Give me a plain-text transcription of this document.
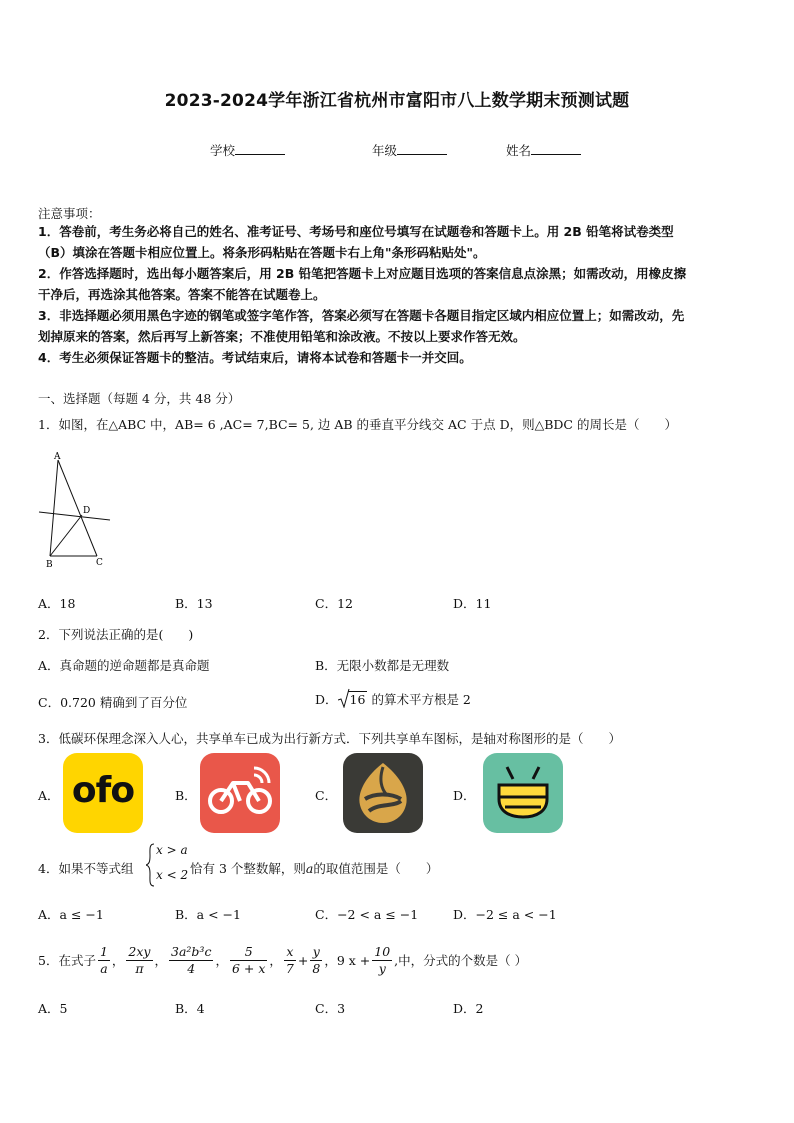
2023-2024学年浙江省杭州市富阳市八上数学期末预测试题
学校	年级	姓名
注意事项：
1．答卷前，考生务必将自己的姓名、准考证号、考场号和座位号填写在试题卷和答题卡上。用 2B 铅笔将试卷类型
（B）填涂在答题卡相应位置上。将条形码粘贴在答题卡右上角"条形码粘贴处"。
2．作答选择题时，选出每小题答案后，用 2B 铅笔把答题卡上对应题目选项的答案信息点涂黑；如需改动，用橡皮擦
干净后，再选涂其他答案。答案不能答在试题卷上。
3．非选择题必须用黑色字迹的钢笔或签字笔作答，答案必须写在答题卡各题目指定区域内相应位置上；如需改动，先
划掉原来的答案，然后再写上新答案；不准使用铅笔和涂改液。不按以上要求作答无效。
4．考生必须保证答题卡的整洁。考试结束后，请将本试卷和答题卡一并交回。
一、选择题（每题 4 分，共 48 分）
1．如图，在△ABC 中，AB= 6 ,AC= 7,BC= 5, 边 AB 的垂直平分线交 AC 于点 D，则△BDC 的周长是（　　）
A
D
B	C
A．18	B．13	C．12	D．11
2．下列说法正确的是(　　)
A．真命题的逆命题都是真命题	B．无限小数都是无理数
C．0.720 精确到了百分位	D． 16 的算术平方根是 2
3．低碳环保理念深入人心，共享单车已成为出行新方式．下列共享单车图标，是轴对称图形的是（　　）
A．	B．	C．	D．
ofo
4．如果不等式组
x > a
x < 2 恰有 3 个整数解，则a的取值范围是（　　）
A．a ≤ −1	B．a < −1	C．−2 < a ≤ −1	D．−2 ≤ a < −1
5．在式子 $\frac{1}{a}$ ， $\frac{2xy}{\pi}$ ， $\frac{\text{3a²b³c}}{4}$ ， $\frac{5}{6 + x}$ ， $\frac{x}{7} + \frac{y}{8}$ ， 9 $x + \frac{10}{y}$ ,中，分式的个数是（ ）
A．5	B．4	C．3	D．2
